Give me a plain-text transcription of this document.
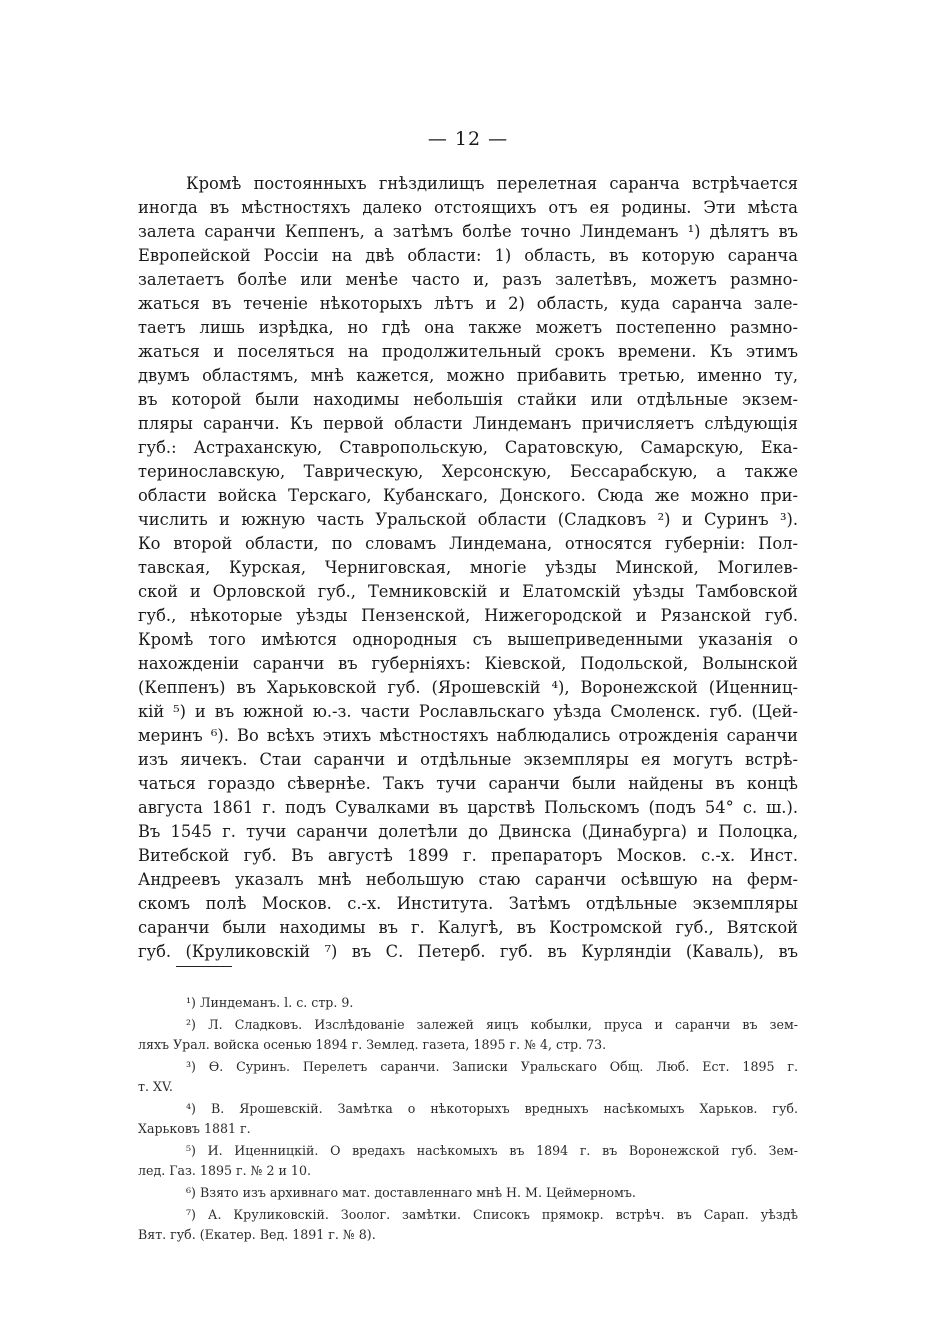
— 12 —
Кромѣ постоянныхъ гнѣздилищъ перелетная саранча встрѣчается
иногда въ мѣстностяхъ далеко отстоящихъ отъ ея родины. Эти мѣста
залета саранчи Кеппенъ, а затѣмъ болѣе точно Линдеманъ ¹) дѣлятъ въ
Европейской Россіи на двѣ области: 1) область, въ которую саранча
залетаетъ болѣе или менѣе часто и, разъ залетѣвъ, можетъ размно-
жаться въ теченіе нѣкоторыхъ лѣтъ и 2) область, куда саранча зале-
таетъ лишь изрѣдка, но гдѣ она также можетъ постепенно размно-
жаться и поселяться на продолжительный срокъ времени. Къ этимъ
двумъ областямъ, мнѣ кажется, можно прибавить третью, именно ту,
въ которой были находимы небольшія стайки или отдѣльные экзем-
пляры саранчи. Къ первой области Линдеманъ причисляетъ слѣдующія
губ.: Астраханскую, Ставропольскую, Саратовскую, Самарскую, Ека-
теринославскую, Таврическую, Херсонскую, Бессарабскую, а также
области войска Терскаго, Кубанскаго, Донского. Сюда же можно при-
числить и южную часть Уральской области (Сладковъ ²) и Суринъ ³).
Ко второй области, по словамъ Линдемана, относятся губерніи: Пол-
тавская, Курская, Черниговская, многіе уѣзды Минской, Могилев-
ской и Орловской губ., Темниковскій и Елатомскій уѣзды Тамбовской
губ., нѣкоторые уѣзды Пензенской, Нижегородской и Рязанской губ.
Кромѣ того имѣются однородныя съ вышеприведенными указанія о
нахожденіи саранчи въ губерніяхъ: Кіевской, Подольской, Волынской
(Кеппенъ) въ Харьковской губ. (Ярошевскій ⁴), Воронежской (Иценниц-
кій ⁵) и въ южной ю.-з. части Рославльскаго уѣзда Смоленск. губ. (Цей-
меринъ ⁶). Во всѣхъ этихъ мѣстностяхъ наблюдались отрожденія саранчи
изъ яичекъ. Стаи саранчи и отдѣльные экземпляры ея могутъ встрѣ-
чаться гораздо сѣвернѣе. Такъ тучи саранчи были найдены въ концѣ
августа 1861 г. подъ Сувалками въ царствѣ Польскомъ (подъ 54° с. ш.).
Въ 1545 г. тучи саранчи долетѣли до Двинска (Динабурга) и Полоцка,
Витебской губ. Въ августѣ 1899 г. препараторъ Москов. с.-х. Инст.
Андреевъ указалъ мнѣ небольшую стаю саранчи осѣвшую на ферм-
скомъ полѣ Москов. с.-х. Института. Затѣмъ отдѣльные экземпляры
саранчи были находимы въ г. Калугѣ, въ Костромской губ., Вятской
губ. (Круликовскій ⁷) въ С. Петерб. губ. въ Курляндіи (Каваль), въ
¹) Линдеманъ. l. c. стр. 9.
²) Л. Сладковъ. Изслѣдованіе залежей яицъ кобылки, пруса и саранчи въ зем-
ляхъ Урал. войска осенью 1894 г. Землед. газета, 1895 г. № 4, стр. 73.
³) Ѳ. Суринъ. Перелетъ саранчи. Записки Уральскаго Общ. Люб. Ест. 1895 г.
т. XV.
⁴) В. Ярошевскій. Замѣтка о нѣкоторыхъ вредныхъ насѣкомыхъ Харьков. губ.
Харьковъ 1881 г.
⁵) И. Иценницкій. О вредахъ насѣкомыхъ въ 1894 г. въ Воронежской губ. Зем-
лед. Газ. 1895 г. № 2 и 10.
⁶) Взято изъ архивнаго мат. доставленнаго мнѣ Н. М. Цеймерномъ.
⁷) А. Круликовскій. Зоолог. замѣтки. Списокъ прямокр. встрѣч. въ Сарап. уѣздѣ
Вят. губ. (Екатер. Вед. 1891 г. № 8).
